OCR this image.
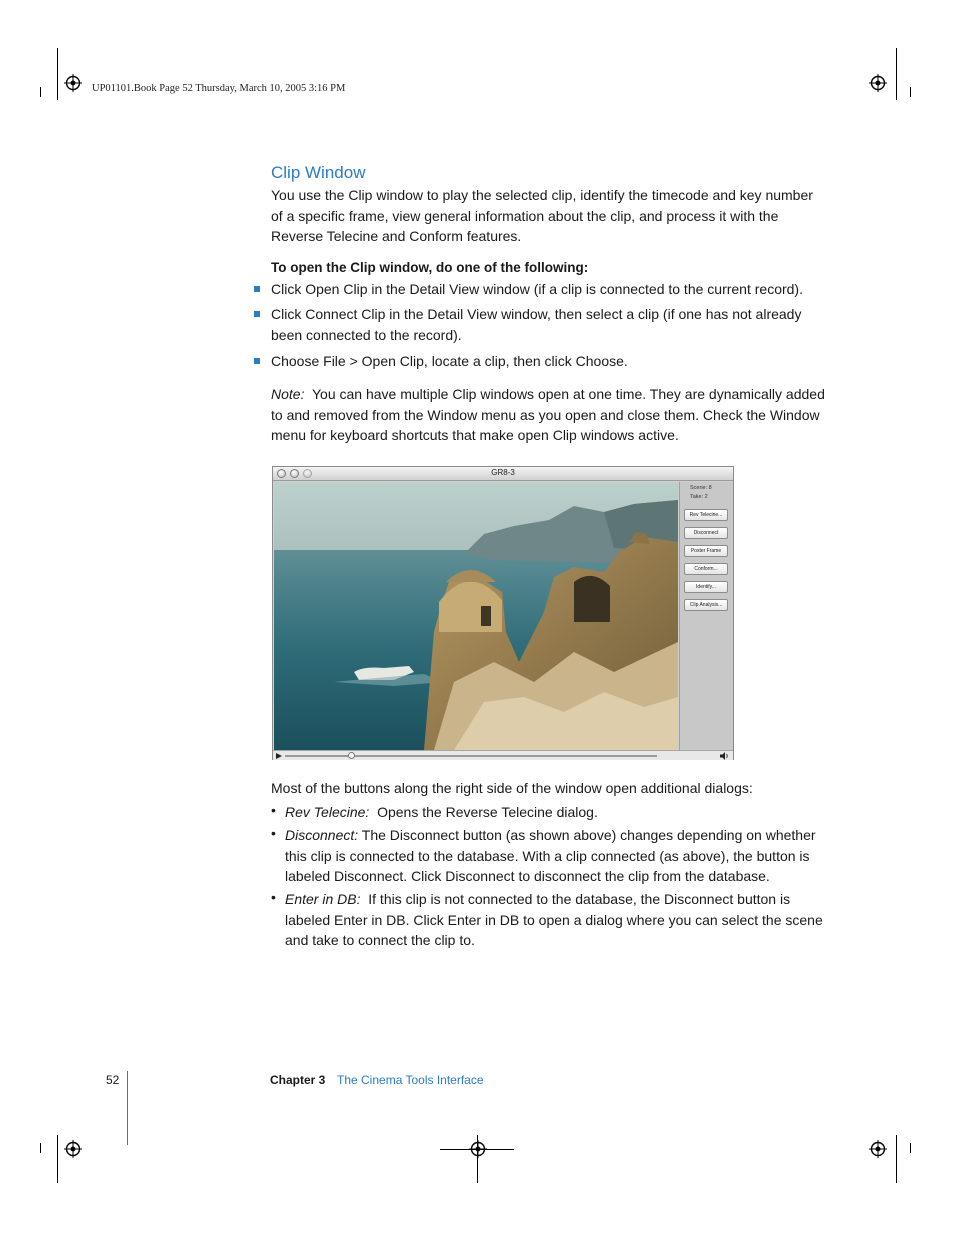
UP01101.Book Page 52 Thursday, March 10, 2005 3:16 PM
Clip Window
You use the Clip window to play the selected clip, identify the timecode and key number of a specific frame, view general information about the clip, and process it with the Reverse Telecine and Conform features.
To open the Clip window, do one of the following:
Click Open Clip in the Detail View window (if a clip is connected to the current record).
Click Connect Clip in the Detail View window, then select a clip (if one has not already been connected to the record).
Choose File > Open Clip, locate a clip, then click Choose.
Note: You can have multiple Clip windows open at one time. They are dynamically added to and removed from the Window menu as you open and close them. Check the Window menu for keyboard shortcuts that make open Clip windows active.
GR8-3
Scene: 8
Take: 2
Rev Telecine...
Disconnect
Poster Frame
Conform...
Identify...
Clip Analysis...
Most of the buttons along the right side of the window open additional dialogs:
• Rev Telecine: Opens the Reverse Telecine dialog.
• Disconnect: The Disconnect button (as shown above) changes depending on whether this clip is connected to the database. With a clip connected (as above), the button is labeled Disconnect. Click Disconnect to disconnect the clip from the database.
• Enter in DB: If this clip is not connected to the database, the Disconnect button is labeled Enter in DB. Click Enter in DB to open a dialog where you can select the scene and take to connect the clip to.
52	Chapter 3 The Cinema Tools Interface
